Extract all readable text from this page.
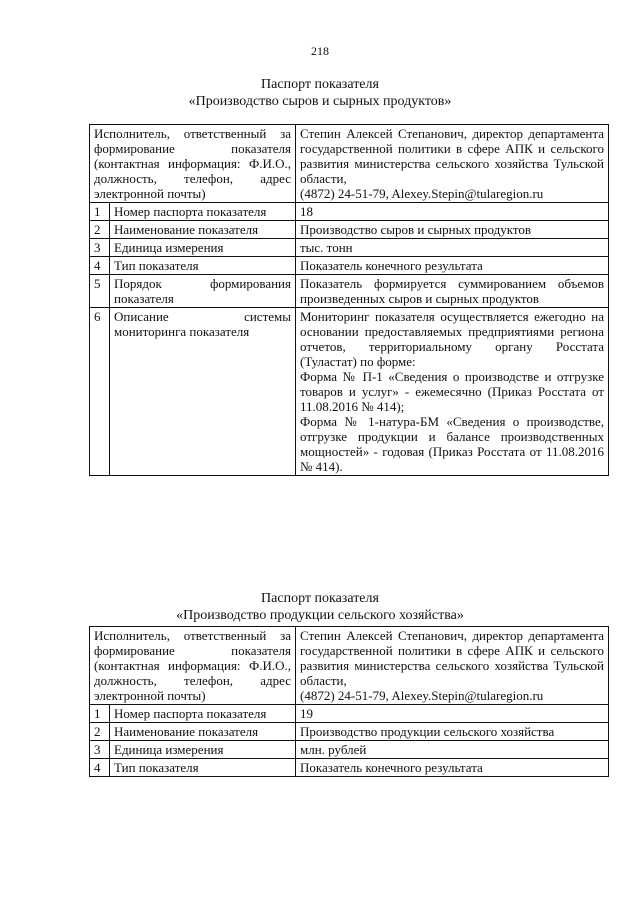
218
Паспорт показателя
«Производство сыров и сырных продуктов»
Исполнитель, ответственный за формирование показателя (контактная информация: Ф.И.О., должность, телефон, адрес электронной почты)		Степин Алексей Степанович, директор департамента государственной политики в сфере АПК и сельского развития министерства сельского хозяйства Тульской области,
(4872) 24-51-79, Alexey.Stepin@tularegion.ru

1	Номер паспорта показателя	18
2	Наименование показателя	Производство сыров и сырных продуктов
3	Единица измерения	тыс. тонн
4	Тип показателя	Показатель конечного результата
5	Порядок формирования показателя	Показатель формируется суммированием объемов произведенных сыров и сырных продуктов
6	Описание системы мониторинга показателя	Мониторинг показателя осуществляется ежегодно на основании предоставляемых предприятиями региона отчетов, территориальному органу Росстата (Туластат) по форме:
Форма № П-1 «Сведения о производстве и отгрузке товаров и услуг» - ежемесячно (Приказ Росстата от 11.08.2016 № 414);
Форма № 1-натура-БМ «Сведения о производстве, отгрузке продукции и балансе производственных мощностей» - годовая (Приказ Росстата от 11.08.2016 № 414).
Паспорт показателя
«Производство продукции сельского хозяйства»
Исполнитель, ответственный за формирование показателя (контактная информация: Ф.И.О., должность, телефон, адрес электронной почты)		Степин Алексей Степанович, директор департамента государственной политики в сфере АПК и сельского развития министерства сельского хозяйства Тульской области,
(4872) 24-51-79, Alexey.Stepin@tularegion.ru

1	Номер паспорта показателя	19
2	Наименование показателя	Производство продукции сельского хозяйства
3	Единица измерения	млн. рублей
4	Тип показателя	Показатель конечного результата
